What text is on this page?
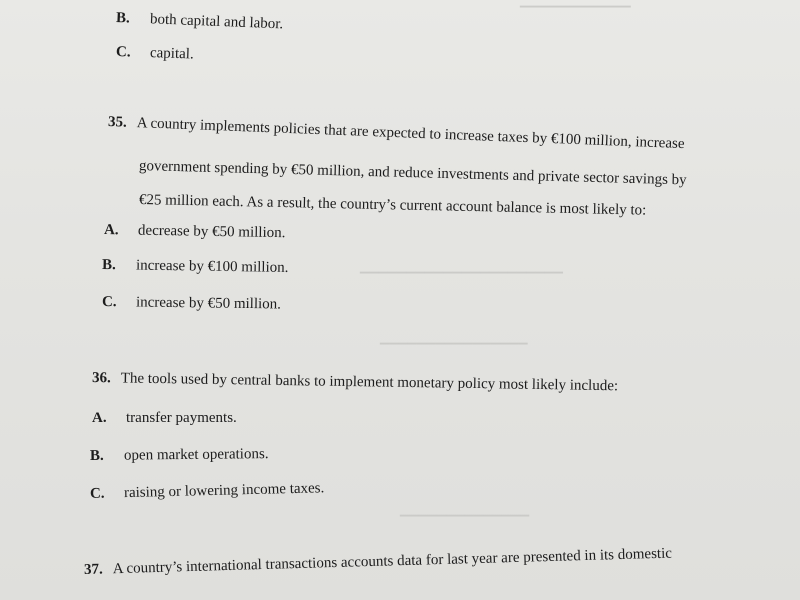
▔▔▔▔▔▔▔▔▔▔▔▔
▔▔▔▔▔▔▔▔▔▔▔▔▔▔▔▔▔▔▔▔▔▔
▔▔▔▔▔▔▔▔▔▔▔▔▔▔▔▔
▔▔▔▔▔▔▔▔▔▔▔▔▔▔
B. both capital and labor.
C. capital.
35. A country implements policies that are expected to increase taxes by €100 million, increase
government spending by €50 million, and reduce investments and private sector savings by
€25 million each. As a result, the country’s current account balance is most likely to:
A. decrease by €50 million.
B. increase by €100 million.
C. increase by €50 million.
36. The tools used by central banks to implement monetary policy most likely include:
A. transfer payments.
B. open market operations.
C. raising or lowering income taxes.
37. A country’s international transactions accounts data for last year are presented in its domestic
